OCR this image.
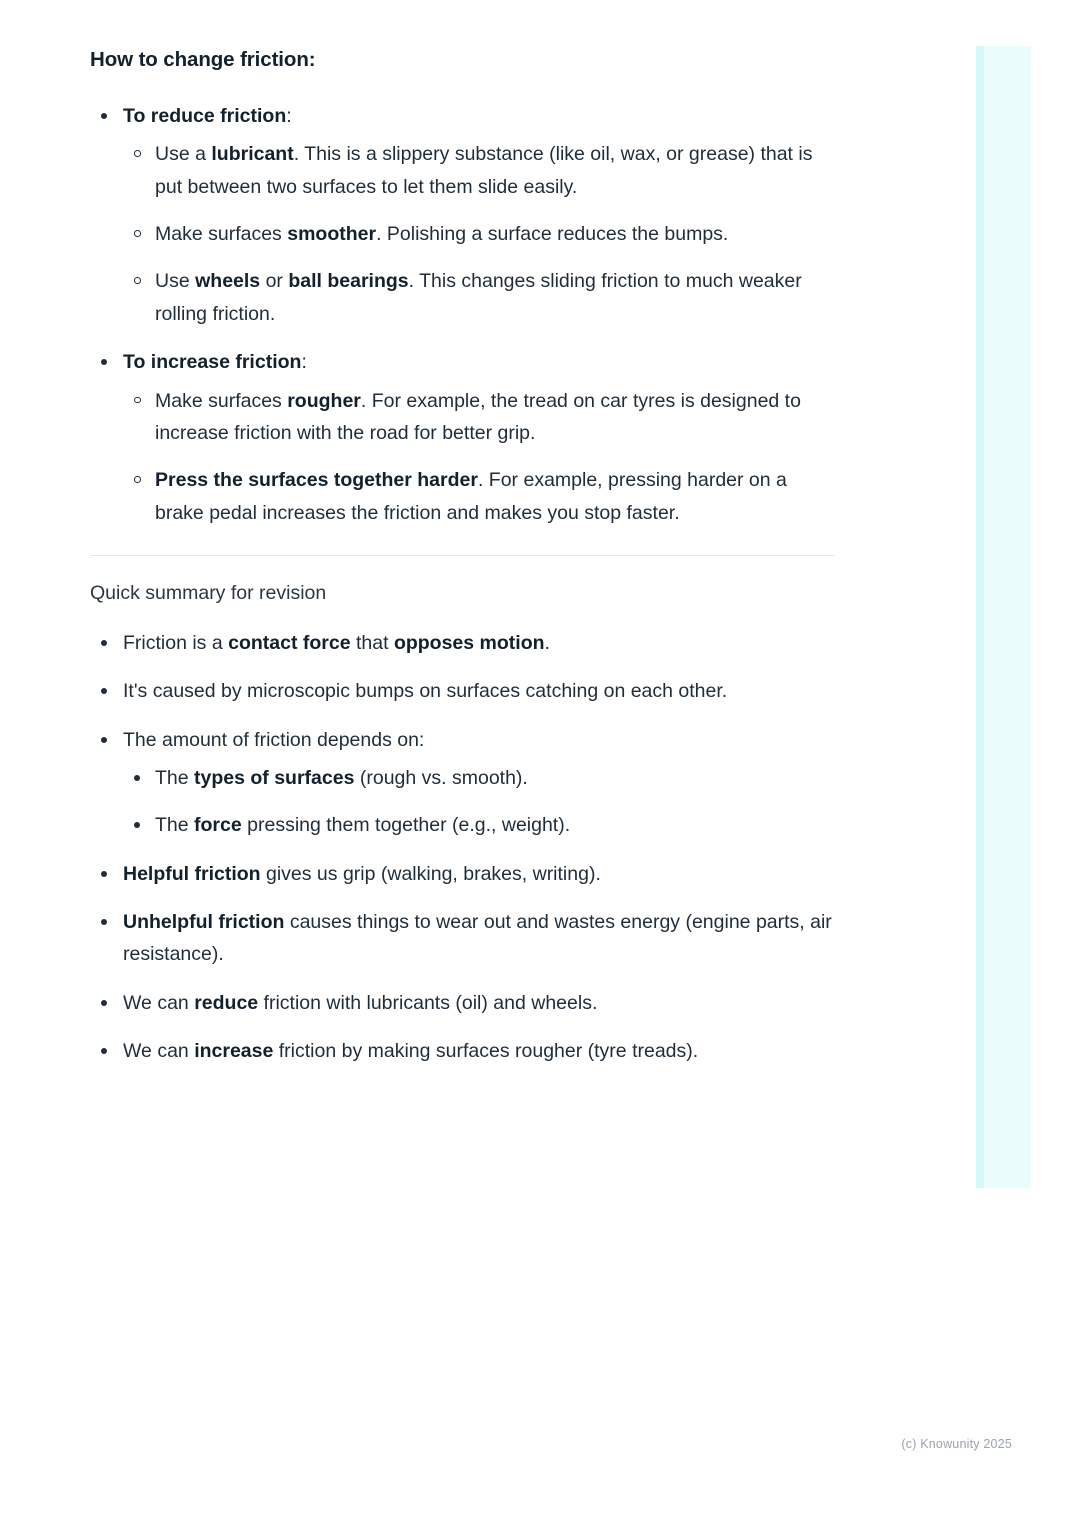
How to change friction:
To reduce friction:
Use a lubricant. This is a slippery substance (like oil, wax, or grease) that is put between two surfaces to let them slide easily.
Make surfaces smoother. Polishing a surface reduces the bumps.
Use wheels or ball bearings. This changes sliding friction to much weaker rolling friction.
To increase friction:
Make surfaces rougher. For example, the tread on car tyres is designed to increase friction with the road for better grip.
Press the surfaces together harder. For example, pressing harder on a brake pedal increases the friction and makes you stop faster.
Quick summary for revision
Friction is a contact force that opposes motion.
It's caused by microscopic bumps on surfaces catching on each other.
The amount of friction depends on:
The types of surfaces (rough vs. smooth).
The force pressing them together (e.g., weight).
Helpful friction gives us grip (walking, brakes, writing).
Unhelpful friction causes things to wear out and wastes energy (engine parts, air resistance).
We can reduce friction with lubricants (oil) and wheels.
We can increase friction by making surfaces rougher (tyre treads).
(c) Knowunity 2025
